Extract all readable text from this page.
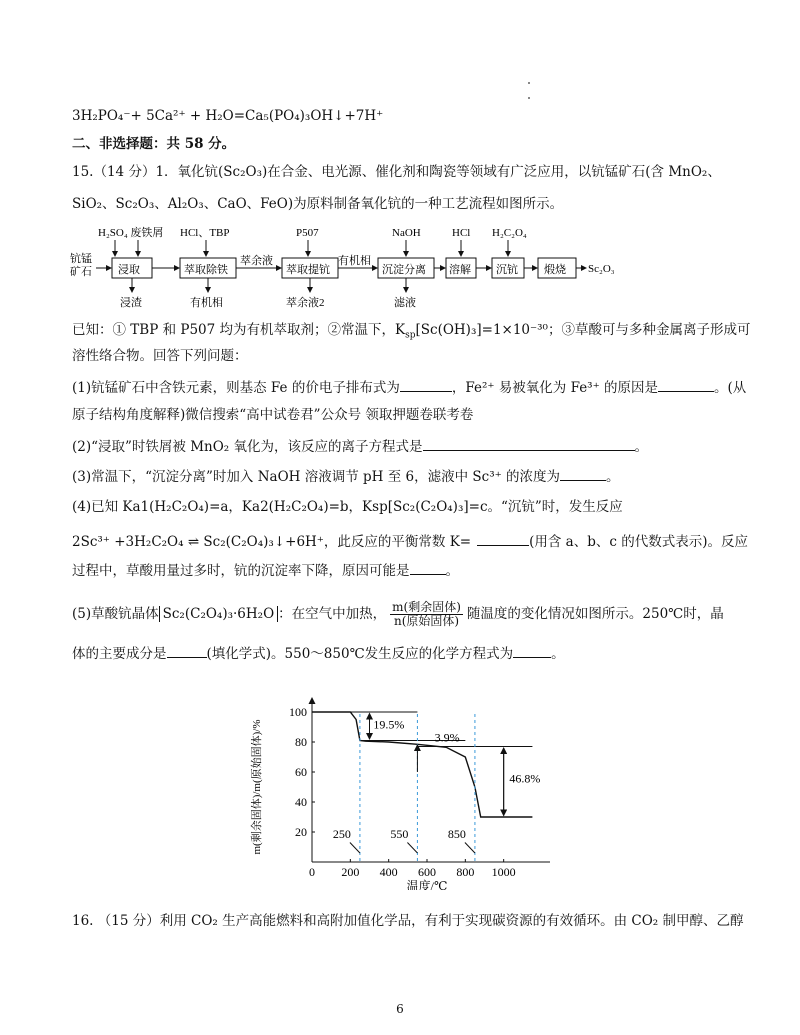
3H₂PO₄⁻+ 5Ca²⁺ + H₂O=Ca₅(PO₄)₃OH↓+7H⁺
二、非选择题：共 58 分。
15.（14 分）1．氧化钪(Sc₂O₃)在合金、电光源、催化剂和陶瓷等领域有广泛应用，以钪锰矿石(含 MnO₂、
SiO₂、Sc₂O₃、Al₂O₃、CaO、FeO)为原料制备氧化钪的一种工艺流程如图所示。
钪锰
矿石
H₂SO₄ 废铁屑 HCl、TBP	P507	NaOH	HCl H₂C₂O₄
浸取	萃取除铁	萃取提钪	沉淀分离 溶解 沉钪 煅烧
萃余液	有机相
Sc₂O₃
浸渣	有机相	萃余液2	滤液
已知：① TBP 和 P507 均为有机萃取剂；②常温下，$K_{sp}[Sc(OH)_3]=1\times 10^{-30}$；③草酸可与多种金属离子形成可
溶性络合物。回答下列问题：
(1)钪锰矿石中含铁元素，则基态 Fe 的价电子排布式为	，Fe²⁺ 易被氧化为 Fe³⁺ 的原因是	。(从
原子结构角度解释)微信搜索“高中试卷君”公众号 领取押题卷联考卷
(2)“浸取”时铁屑被 MnO₂ 氧化为，该反应的离子方程式是	。
(3)常温下，“沉淀分离”时加入 NaOH 溶液调节 pH 至 6，滤液中 Sc³⁺ 的浓度为	。
(4)已知 Ka1(H₂C₂O₄)=a，Ka2(H₂C₂O₄)=b，Ksp[Sc₂(C₂O₄)₃]=c。“沉钪”时，发生反应
2Sc³⁺ +3H₂C₂O₄ ⇌ Sc₂(C₂O₄)₃↓+6H⁺，此反应的平衡常数 K=	(用含 a、b、c 的代数式表示)。反应
过程中，草酸用量过多时，钪的沉淀率下降，原因可能是	。
(5)草酸钪晶体 Sc₂(C₂O₄)₃·6H₂O ：在空气中加热， $\frac{\text{m(剩余固体)}}{\text{n(原始固体)}}$ 随温度的变化情况如图所示。250℃时，晶
体的主要成分是	(填化学式)。550～850℃发生反应的化学方程式为	。
0 200 400 600 800 1000
20
40
60
80
100
19.5%
3.9%
46.8%
250	550	850
温度/℃
m(剩余固体)/m(原始固体)/%
16. （15 分）利用 CO₂ 生产高能燃料和高附加值化学品，有利于实现碳资源的有效循环。由 CO₂ 制甲醇、乙醇
6
